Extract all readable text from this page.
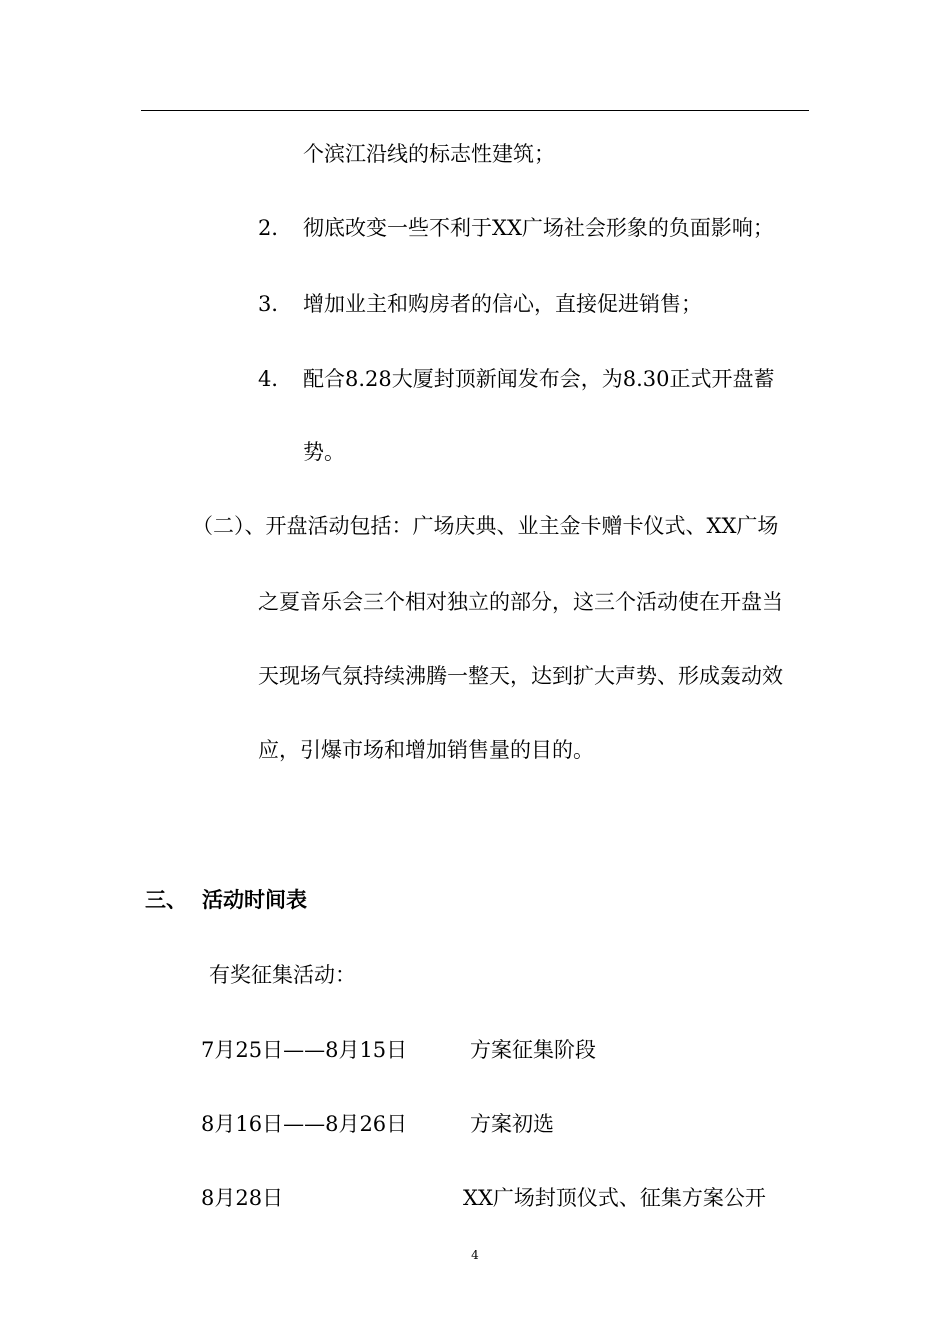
个滨江沿线的标志性建筑；
2． 彻底改变一些不利于XX广场社会形象的负面影响；
3． 增加业主和购房者的信心，直接促进销售；
4． 配合8.28大厦封顶新闻发布会，为8.30正式开盘蓄
势。
（二）、开盘活动包括：广场庆典、业主金卡赠卡仪式、XX广场
之夏音乐会三个相对独立的部分，这三个活动使在开盘当
天现场气氛持续沸腾一整天，达到扩大声势、形成轰动效
应，引爆市场和增加销售量的目的。
三、 活动时间表
有奖征集活动：
7月25日——8月15日	方案征集阶段
8月16日——8月26日	方案初选
8月28日	XX广场封顶仪式、征集方案公开
4
